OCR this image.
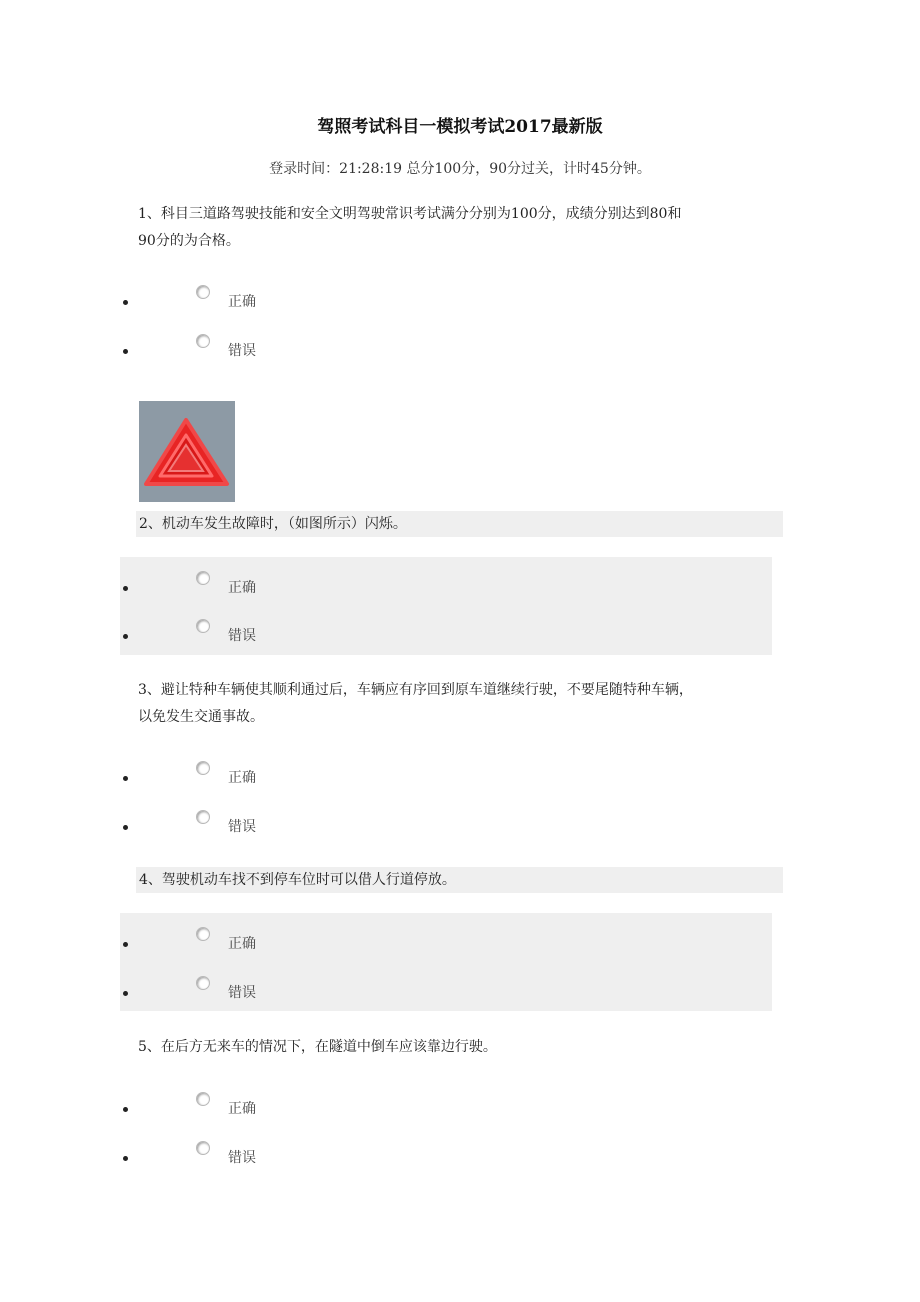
驾照考试科目一模拟考试2017最新版
登录时间：21:28:19 总分100分，90分过关，计时45分钟。
1、科目三道路驾驶技能和安全文明驾驶常识考试满分分别为100分，成绩分别达到80和
90分的为合格。
正确
错误
2、机动车发生故障时，（如图所示）闪烁。
正确
错误
3、避让特种车辆使其顺利通过后，车辆应有序回到原车道继续行驶，不要尾随特种车辆，
以免发生交通事故。
正确
错误
4、驾驶机动车找不到停车位时可以借人行道停放。
正确
错误
5、在后方无来车的情况下，在隧道中倒车应该靠边行驶。
正确
错误
